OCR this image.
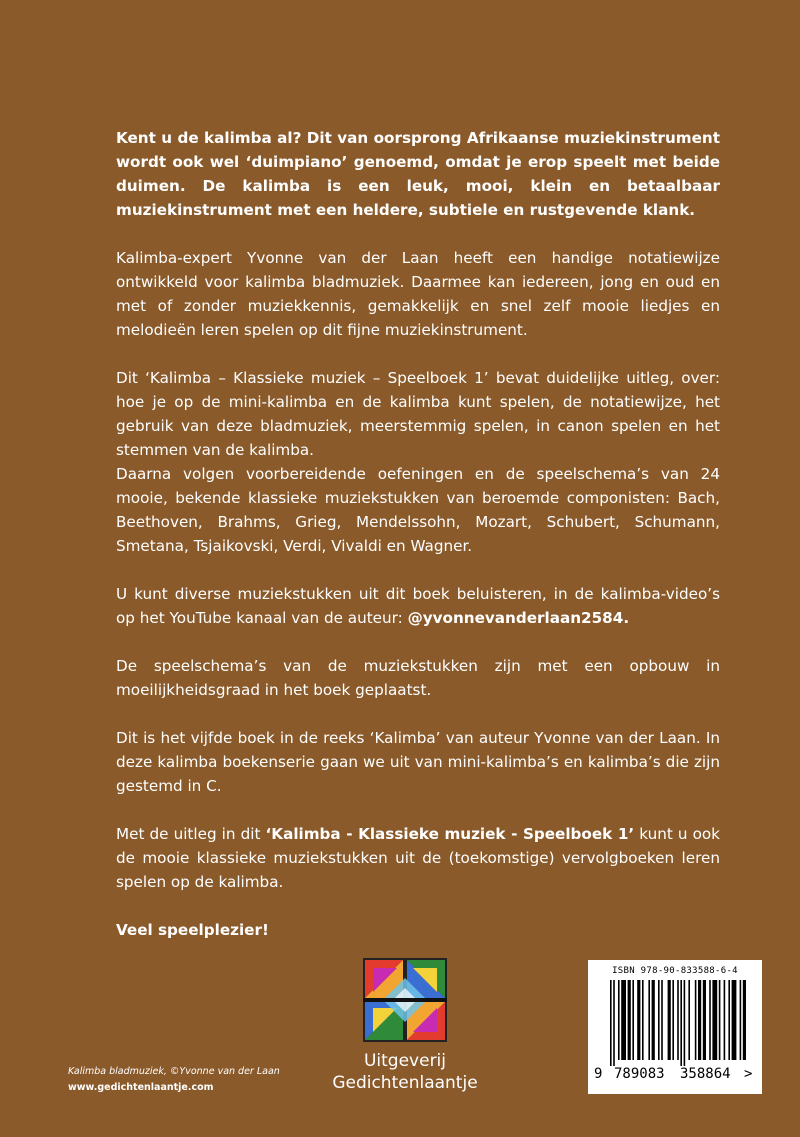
Kent u de kalimba al? Dit van oorsprong Afrikaanse muziekinstrument wordt ook wel ‘duimpiano’ genoemd, omdat je erop speelt met beide duimen. De kalimba is een leuk, mooi, klein en betaalbaar muziekinstrument met een heldere, subtiele en rustgevende klank.

Kalimba-expert Yvonne van der Laan heeft een handige notatiewijze ontwikkeld voor kalimba bladmuziek. Daarmee kan iedereen, jong en oud en met of zonder muziekkennis, gemakkelijk en snel zelf mooie liedjes en melodieën leren spelen op dit fijne muziekinstrument.

Dit ‘Kalimba – Klassieke muziek – Speelboek 1’ bevat duidelijke uitleg, over: hoe je op de mini-kalimba en de kalimba kunt spelen, de notatiewijze, het gebruik van deze bladmuziek, meerstemmig spelen, in canon spelen en het stemmen van de kalimba.

Daarna volgen voorbereidende oefeningen en de speelschema’s van 24 mooie, bekende klassieke muziekstukken van beroemde componisten: Bach, Beethoven, Brahms, Grieg, Mendelssohn, Mozart, Schubert, Schumann, Smetana, Tsjaikovski, Verdi, Vivaldi en Wagner.

U kunt diverse muziekstukken uit dit boek beluisteren, in de kalimba-video’s op het YouTube kanaal van de auteur: @yvonnevanderlaan2584.

De speelschema’s van de muziekstukken zijn met een opbouw in moeilijkheidsgraad in het boek geplaatst.

Dit is het vijfde boek in de reeks ‘Kalimba’ van auteur Yvonne van der Laan. In deze kalimba boekenserie gaan we uit van mini-kalimba’s en kalimba’s die zijn gestemd in C.

Met de uitleg in dit ‘Kalimba - Klassieke muziek - Speelboek 1’ kunt u ook de mooie klassieke muziekstukken uit de (toekomstige) vervolgboeken leren spelen op de kalimba.

Veel speelplezier!

Kalimba bladmuziek, ©Yvonne van der Laan
www.gedichtenlaantje.com
Uitgeverij
Gedichtenlaantje
ISBN 978-90-833588-6-4
9 789083 358864 >
